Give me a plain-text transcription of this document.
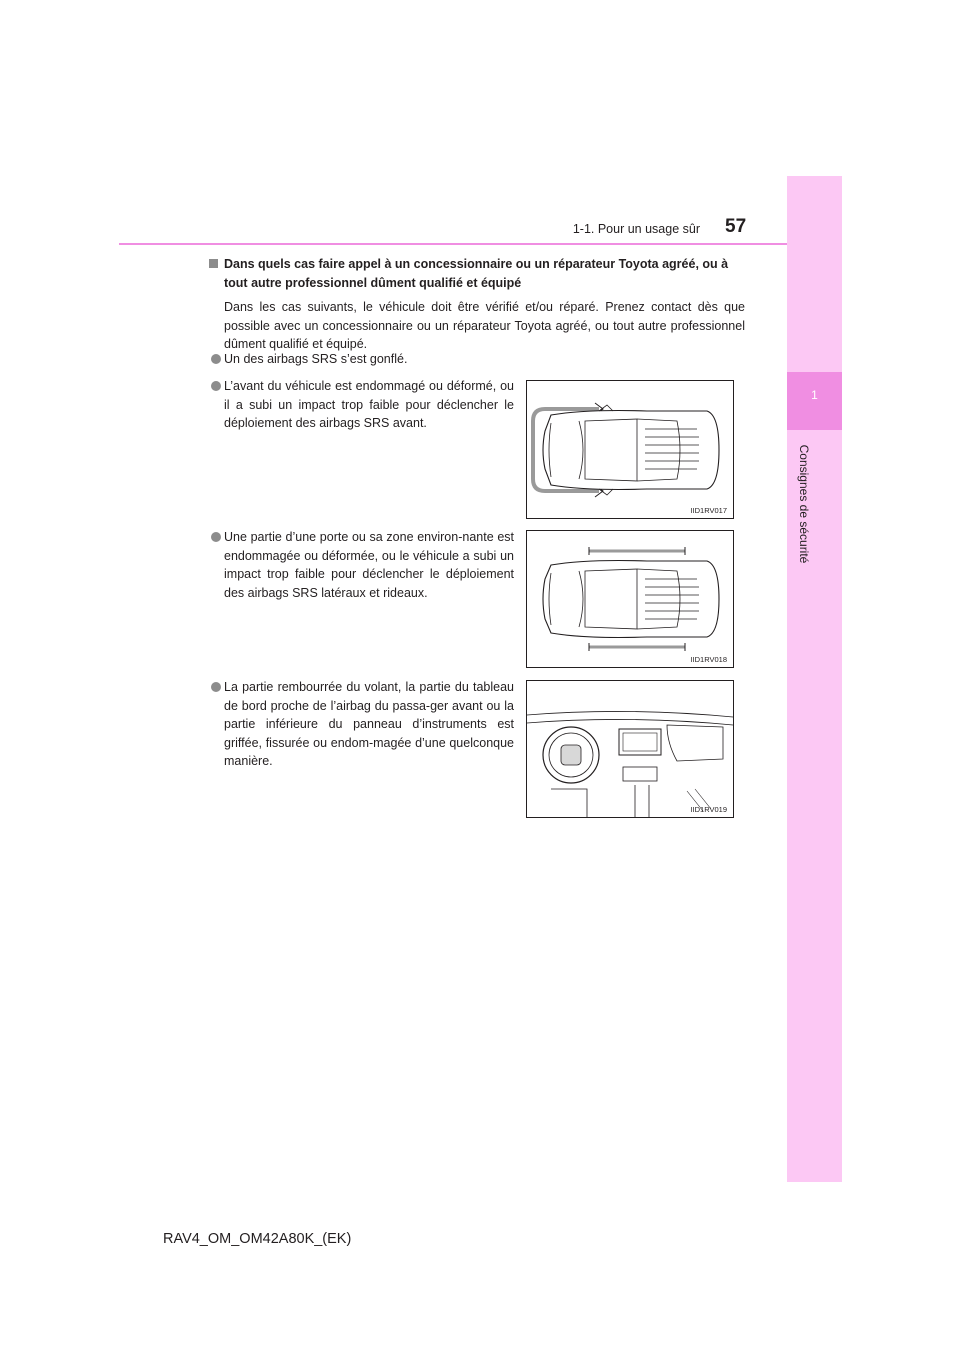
1
Consignes de sécurité
1-1. Pour un usage sûr 57
Dans quels cas faire appel à un concessionnaire ou un réparateur Toyota agréé, ou à tout autre professionnel dûment qualifié et équipé
Dans les cas suivants, le véhicule doit être vérifié et/ou réparé. Prenez contact dès que possible avec un concessionnaire ou un réparateur Toyota agréé, ou tout autre professionnel dûment qualifié et équipé.
Un des airbags SRS s’est gonflé.
L’avant du véhicule est endommagé ou déformé, ou il a subi un impact trop faible pour déclencher le déploiement des airbags SRS avant.
IID1RV017
Une partie d’une porte ou sa zone environ-nante est endommagée ou déformée, ou le véhicule a subi un impact trop faible pour déclencher le déploiement des airbags SRS latéraux et rideaux.
IID1RV018
La partie rembourrée du volant, la partie du tableau de bord proche de l’airbag du passa-ger avant ou la partie inférieure du panneau d’instruments est griffée, fissurée ou endom-magée d’une quelconque manière.
IID1RV019
RAV4_OM_OM42A80K_(EK)
